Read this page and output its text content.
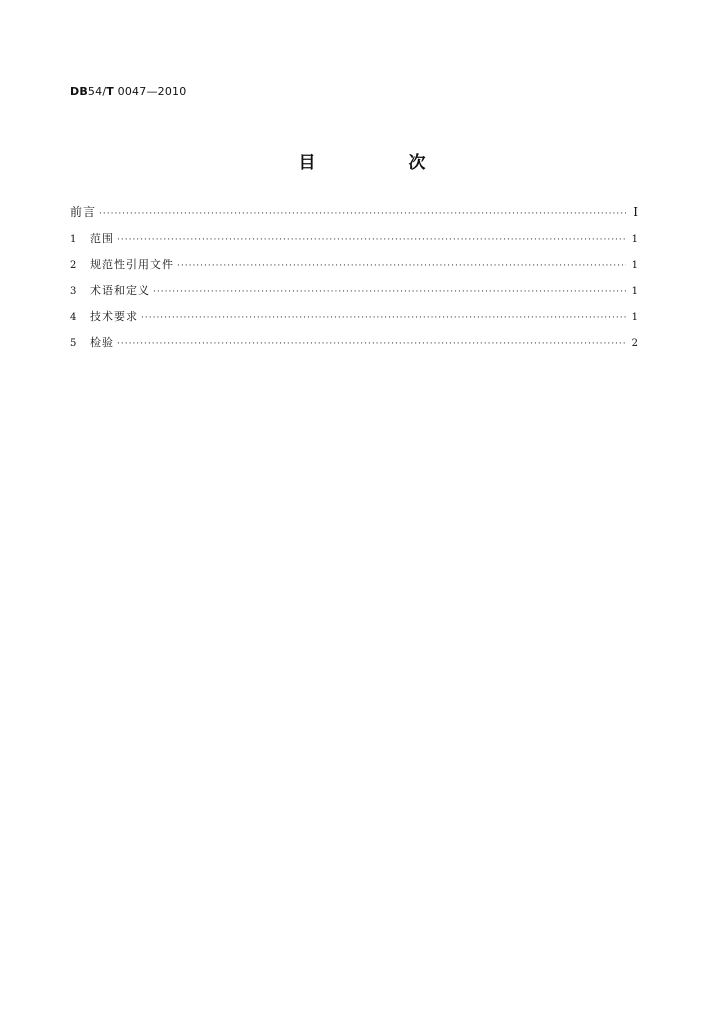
DB54/T 0047—2010
目　次
前言 ·····	I
1	范围 ·····	1
2	规范性引用文件 ·····	1
3	术语和定义 ·····	1
4	技术要求 ·····	1
5	检验 ·····	2
